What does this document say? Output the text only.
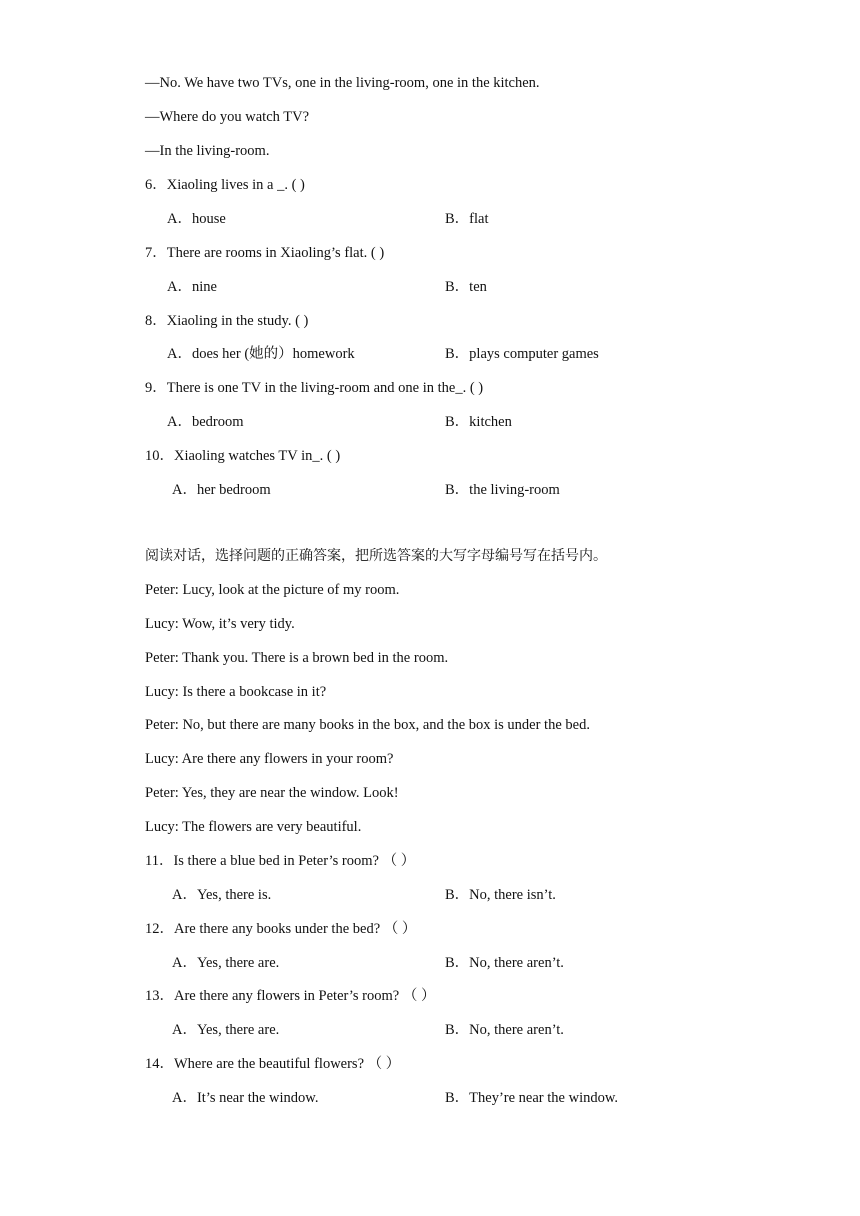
—No. We have two TVs, one in the living-room, one in the kitchen.
—Where do you watch TV?
—In the living-room.
6．Xiaoling lives in a _. ( )
A．house	B．flat
7．There are rooms in Xiaoling’s flat. ( )
A．nine	B．ten
8．Xiaoling in the study. ( )
A．does her (她的）homework	B．plays computer games
9．There is one TV in the living-room and one in the_. ( )
A．bedroom	B．kitchen
10．Xiaoling watches TV in_. ( )
A．her bedroom	B．the living-room
阅读对话，选择问题的正确答案，把所选答案的大写字母编号写在括号内。
Peter: Lucy, look at the picture of my room.
Lucy: Wow, it’s very tidy.
Peter: Thank you. There is a brown bed in the room.
Lucy: Is there a bookcase in it?
Peter: No, but there are many books in the box, and the box is under the bed.
Lucy: Are there any flowers in your room?
Peter: Yes, they are near the window. Look!
Lucy: The flowers are very beautiful.
11．Is there a blue bed in Peter’s room? （ ）
A．Yes, there is.	B．No, there isn’t.
12．Are there any books under the bed? （ ）
A．Yes, there are.	B．No, there aren’t.
13．Are there any flowers in Peter’s room? （ ）
A．Yes, there are.	B．No, there aren’t.
14．Where are the beautiful flowers? （ ）
A．It’s near the window.	B．They’re near the window.
